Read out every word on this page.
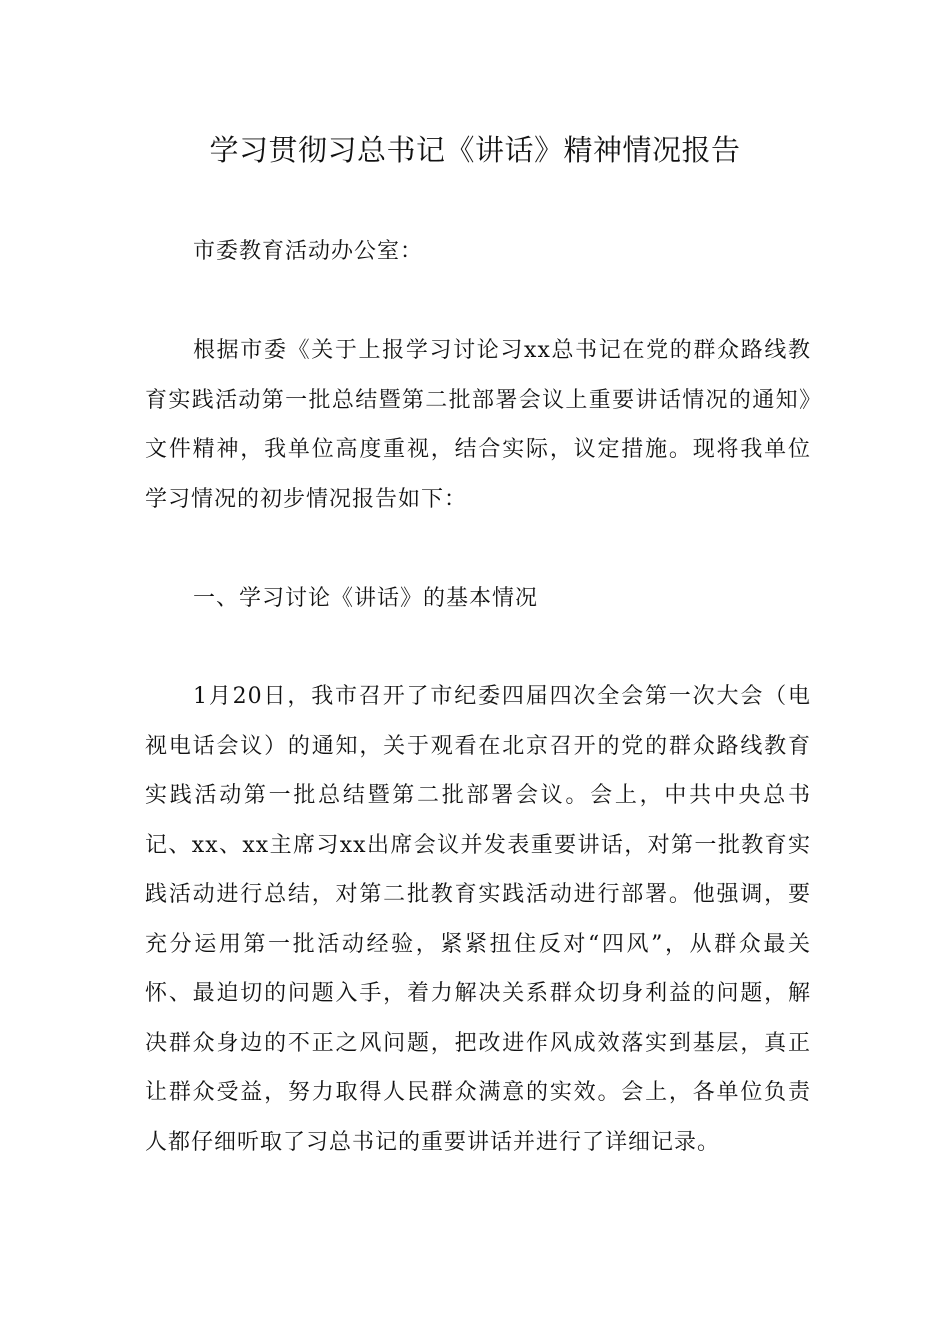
学习贯彻习总书记《讲话》精神情况报告

市委教育活动办公室：

根据市委《关于上报学习讨论习xx总书记在党的群众路线教育实践活动第一批总结暨第二批部署会议上重要讲话情况的通知》文件精神，我单位高度重视，结合实际，议定措施。现将我单位学习情况的初步情况报告如下：

一、学习讨论《讲话》的基本情况

1月20日，我市召开了市纪委四届四次全会第一次大会（电视电话会议）的通知，关于观看在北京召开的党的群众路线教育实践活动第一批总结暨第二批部署会议。会上，中共中央总书记、xx、xx主席习xx出席会议并发表重要讲话，对第一批教育实践活动进行总结，对第二批教育实践活动进行部署。他强调，要充分运用第一批活动经验，紧紧扭住反对“四风”，从群众最关怀、最迫切的问题入手，着力解决关系群众切身利益的问题，解决群众身边的不正之风问题，把改进作风成效落实到基层，真正让群众受益，努力取得人民群众满意的实效。会上，各单位负责人都仔细听取了习总书记的重要讲话并进行了详细记录。
